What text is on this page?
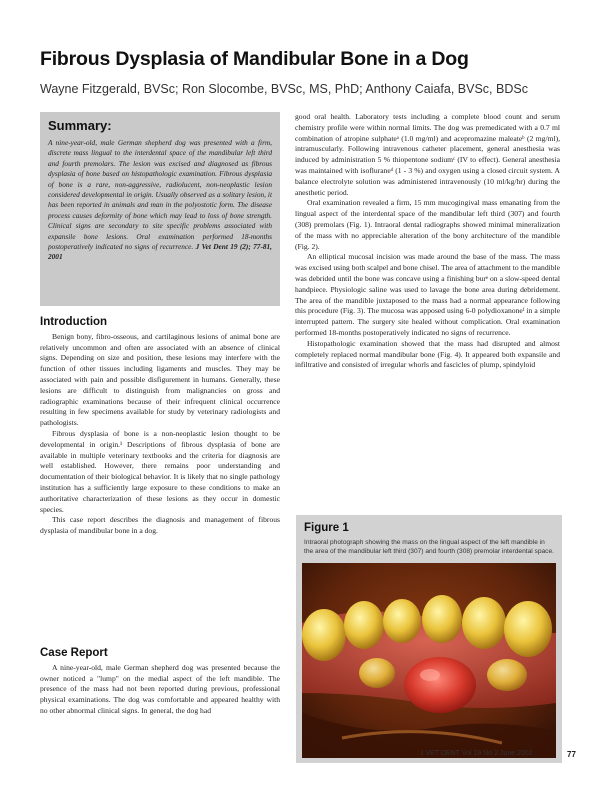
Fibrous Dysplasia of Mandibular Bone in a Dog
Wayne Fitzgerald, BVSc; Ron Slocombe, BVSc, MS, PhD; Anthony Caiafa, BVSc, BDSc
Summary:

A nine-year-old, male German shepherd dog was presented with a firm, discrete mass lingual to the interdental space of the mandibular left third and fourth premolars. The lesion was excised and diagnosed as fibrous dysplasia of bone based on histopathologic examination. Fibrous dysplasia of bone is a rare, non-aggressive, radiolucent, non-neoplastic lesion considered developmental in origin. Usually observed as a solitary lesion, it has been reported in animals and man in the polyostotic form. The disease process causes deformity of bone which may lead to loss of bone strength. Clinical signs are secondary to site specific problems associated with expansile bone lesions. Oral examination performed 18-months postoperatively indicated no signs of recurrence. J Vet Dent 19 (2); 77-81, 2001

Introduction

Benign bony, fibro-osseous, and cartilaginous lesions of animal bone are relatively uncommon and often are associated with an absence of clinical signs. Depending on size and position, these lesions may interfere with the function of other tissues including ligaments and muscles. They may be associated with pain and possible disfigurement in humans. Generally, these lesions are difficult to distinguish from malignancies on gross and radiographic examinations because of their infrequent clinical occurrence resulting in few specimens available for study by veterinary radiologists and pathologists.

Fibrous dysplasia of bone is a non-neoplastic lesion thought to be developmental in origin.¹ Descriptions of fibrous dysplasia of bone are available in multiple veterinary textbooks and the criteria for diagnosis are well established. However, there remains poor understanding and documentation of their biological behavior. It is likely that no single pathology institution has a sufficiently large exposure to these conditions to make an authoritative characterization of these lesions as they occur in domestic species.

This case report describes the diagnosis and management of fibrous dysplasia of mandibular bone in a dog.

Case Report

A nine-year-old, male German shepherd dog was presented because the owner noticed a "lump" on the medial aspect of the left mandible. The presence of the mass had not been reported during previous, professional physical examinations. The dog was comfortable and appeared healthy with no other abnormal clinical signs. In general, the dog had

good oral health. Laboratory tests including a complete blood count and serum chemistry profile were within normal limits. The dog was premedicated with a 0.7 ml combination of atropine sulphateᵃ (1.0 mg/ml) and acepromazine maleateᵇ (2 mg/ml), intramuscularly. Following intravenous catheter placement, general anesthesia was induced by administration 5 % thiopentone sodiumᶜ (IV to effect). General anesthesia was maintained with isofluraneᵈ (1 - 3 %) and oxygen using a closed circuit system. A balance electrolyte solution was administered intravenously (10 ml/kg/hr) during the anesthetic period.

Oral examination revealed a firm, 15 mm mucogingival mass emanating from the lingual aspect of the interdental space of the mandibular left third (307) and fourth (308) premolars (Fig. 1). Intraoral dental radiographs showed minimal mineralization of the mass with no appreciable alteration of the bony architecture of the mandible (Fig. 2).

An elliptical mucosal incision was made around the base of the mass. The mass was excised using both scalpel and bone chisel. The area of attachment to the mandible was debrided until the bone was concave using a finishing burᵉ on a slow-speed dental handpiece. Physiologic saline was used to lavage the bone area during debridement. The area of the mandible juxtaposed to the mass had a normal appearance following this procedure (Fig. 3). The mucosa was apposed using 6-0 polydioxanoneᶠ in a simple interrupted pattern. The surgery site healed without complication. Oral examination performed 18-months postoperatively indicated no signs of recurrence.

Histopathologic examination showed that the mass had disrupted and almost completely replaced normal mandibular bone (Fig. 4). It appeared both expansile and infiltrative and consisted of irregular whorls and fascicles of plump, spindyloid

Figure 1
Intraoral photograph showing the mass on the lingual aspect of the left mandible in the area of the mandibular left third (307) and fourth (308) premolar interdental space.
J VET DENT Vol 19 No 2 June 2002	77
